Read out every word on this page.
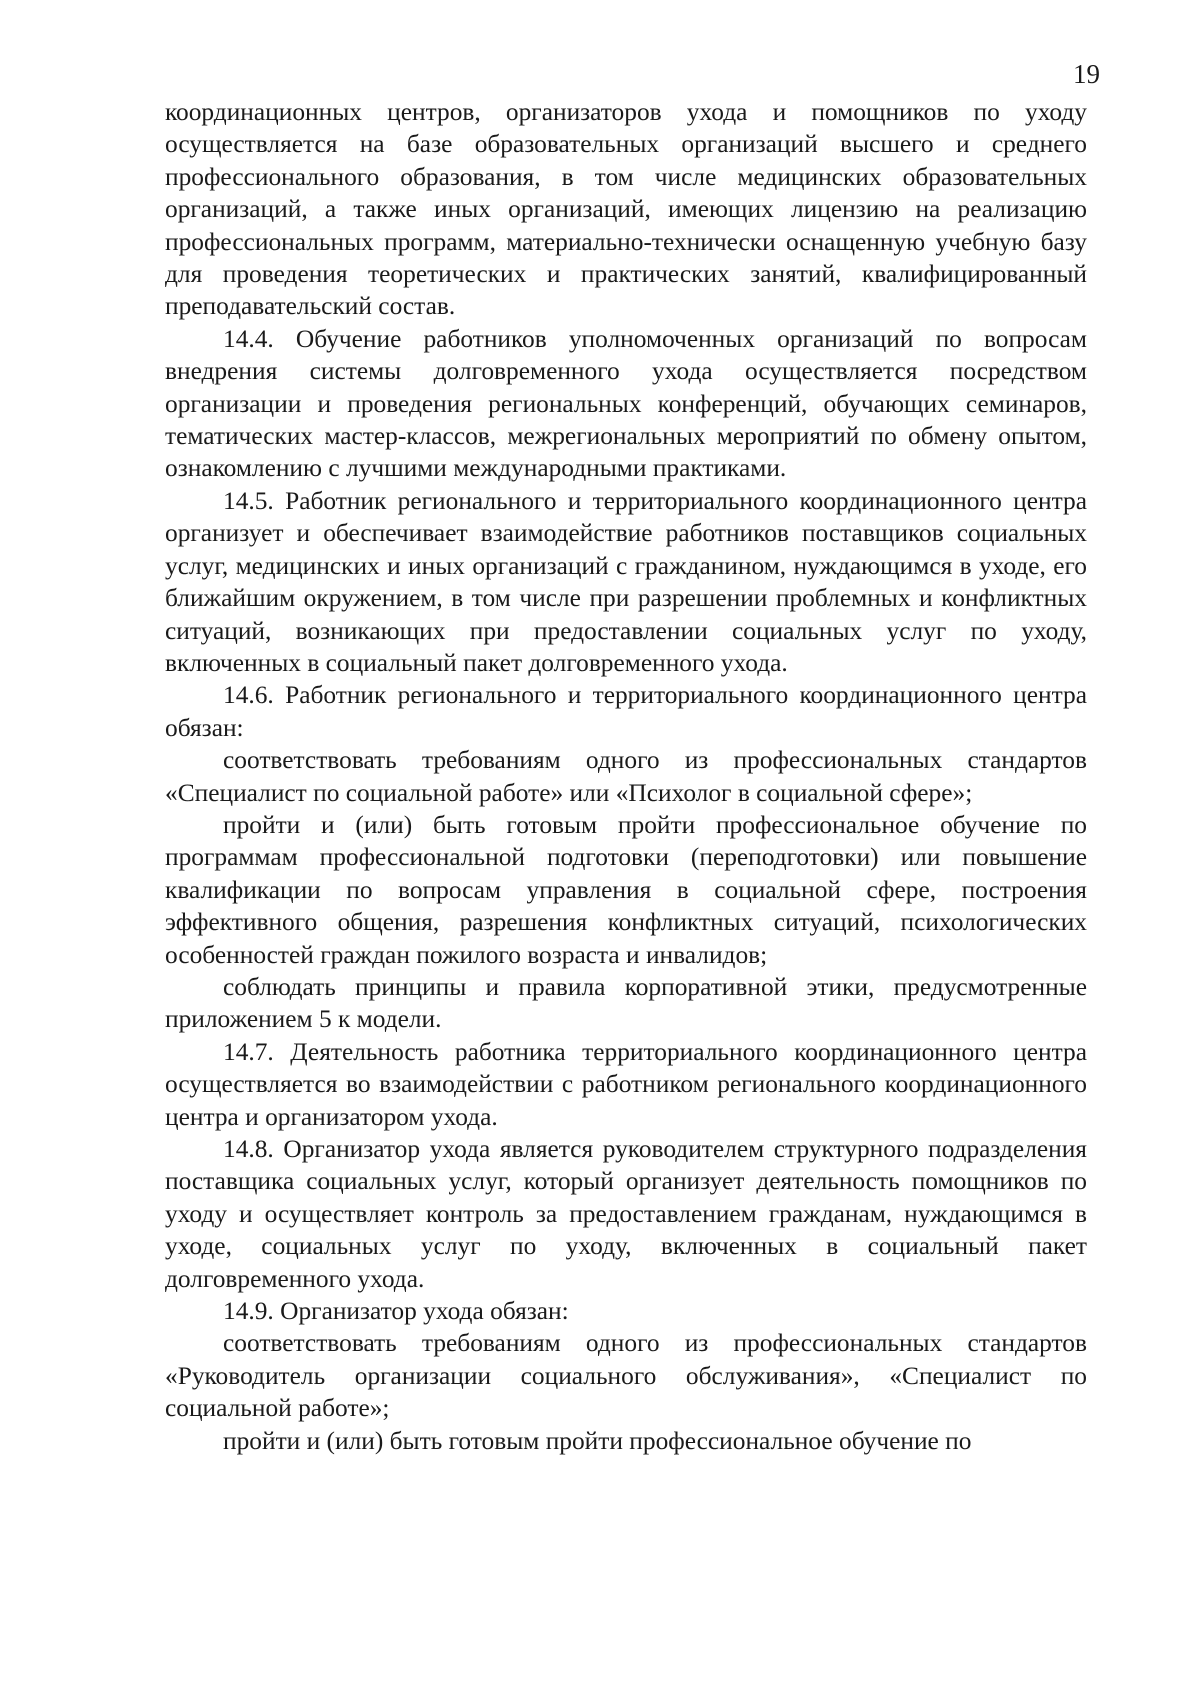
19

координационных центров, организаторов ухода и помощников по уходу осуществляется на базе образовательных организаций высшего и среднего профессионального образования, в том числе медицинских образовательных организаций, а также иных организаций, имеющих лицензию на реализацию профессиональных программ, материально-технически оснащенную учебную базу для проведения теоретических и практических занятий, квалифицированный преподавательский состав.

14.4. Обучение работников уполномоченных организаций по вопросам внедрения системы долговременного ухода осуществляется посредством организации и проведения региональных конференций, обучающих семинаров, тематических мастер-классов, межрегиональных мероприятий по обмену опытом, ознакомлению с лучшими международными практиками.

14.5. Работник регионального и территориального координационного центра организует и обеспечивает взаимодействие работников поставщиков социальных услуг, медицинских и иных организаций с гражданином, нуждающимся в уходе, его ближайшим окружением, в том числе при разрешении проблемных и конфликтных ситуаций, возникающих при предоставлении социальных услуг по уходу, включенных в социальный пакет долговременного ухода.

14.6. Работник регионального и территориального координационного центра обязан:

соответствовать требованиям одного из профессиональных стандартов «Специалист по социальной работе» или «Психолог в социальной сфере»;

пройти и (или) быть готовым пройти профессиональное обучение по программам профессиональной подготовки (переподготовки) или повышение квалификации по вопросам управления в социальной сфере, построения эффективного общения, разрешения конфликтных ситуаций, психологических особенностей граждан пожилого возраста и инвалидов;

соблюдать принципы и правила корпоративной этики, предусмотренные приложением 5 к модели.

14.7. Деятельность работника территориального координационного центра осуществляется во взаимодействии с работником регионального координационного центра и организатором ухода.

14.8. Организатор ухода является руководителем структурного подразделения поставщика социальных услуг, который организует деятельность помощников по уходу и осуществляет контроль за предоставлением гражданам, нуждающимся в уходе, социальных услуг по уходу, включенных в социальный пакет долговременного ухода.

14.9. Организатор ухода обязан:

соответствовать требованиям одного из профессиональных стандартов «Руководитель организации социального обслуживания», «Специалист по социальной работе»;

пройти и (или) быть готовым пройти профессиональное обучение по
